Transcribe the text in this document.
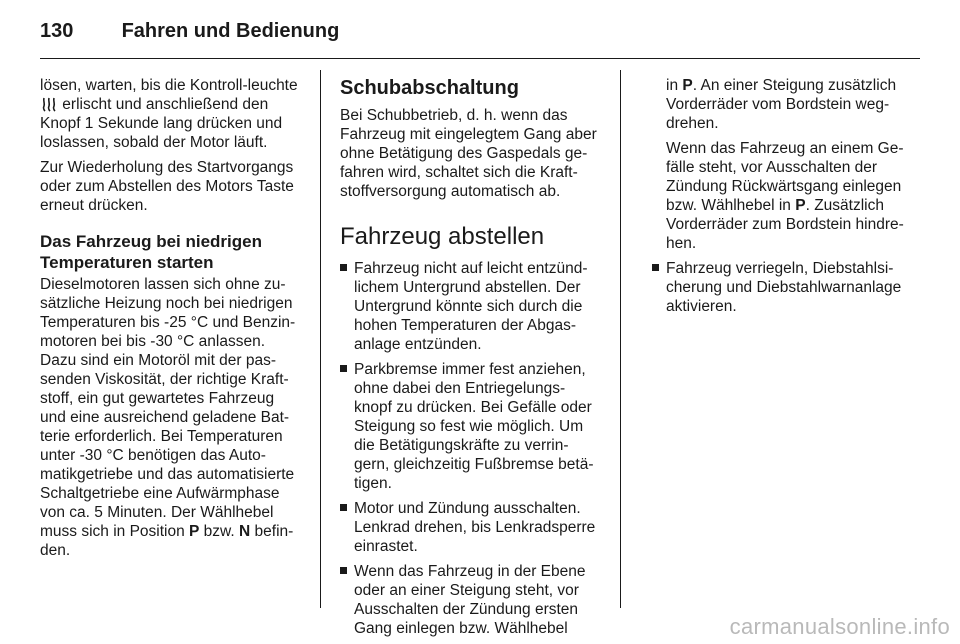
130 Fahren und Bedienung

lösen, warten, bis die Kontroll-leuchte  erlischt und anschließend den Knopf 1 Sekunde lang drücken und loslassen, sobald der Motor läuft.

Zur Wiederholung des Startvorgangs oder zum Abstellen des Motors Taste erneut drücken.

Das Fahrzeug bei niedrigen Temperaturen starten

Dieselmotoren lassen sich ohne zu-sätzliche Heizung noch bei niedrigen Temperaturen bis -25 °C und Benzin-motoren bei bis -30 °C anlassen. Dazu sind ein Motoröl mit der pas-senden Viskosität, der richtige Kraft-stoff, ein gut gewartetes Fahrzeug und eine ausreichend geladene Bat-terie erforderlich. Bei Temperaturen unter -30 °C benötigen das Auto-matikgetriebe und das automatisierte Schaltgetriebe eine Aufwärmphase von ca. 5 Minuten. Der Wählhebel muss sich in Position P bzw. N befin-den.

Schubabschaltung

Bei Schubbetrieb, d. h. wenn das Fahrzeug mit eingelegtem Gang aber ohne Betätigung des Gaspedals ge-fahren wird, schaltet sich die Kraft-stoffversorgung automatisch ab.

Fahrzeug abstellen
Fahrzeug nicht auf leicht entzünd-lichem Untergrund abstellen. Der Untergrund könnte sich durch die hohen Temperaturen der Abgas-anlage entzünden.
Parkbremse immer fest anziehen, ohne dabei den Entriegelungs-knopf zu drücken. Bei Gefälle oder Steigung so fest wie möglich. Um die Betätigungskräfte zu verrin-gern, gleichzeitig Fußbremse betä-tigen.
Motor und Zündung ausschalten. Lenkrad drehen, bis Lenkradsperre einrastet.
Wenn das Fahrzeug in der Ebene oder an einer Steigung steht, vor Ausschalten der Zündung ersten Gang einlegen bzw. Wählhebel

in P. An einer Steigung zusätzlich Vorderräder vom Bordstein weg-drehen.

Wenn das Fahrzeug an einem Ge-fälle steht, vor Ausschalten der Zündung Rückwärtsgang einlegen bzw. Wählhebel in P. Zusätzlich Vorderräder zum Bordstein hindre-hen.

Fahrzeug verriegeln, Diebstahlsi-cherung und Diebstahlwarnanlage aktivieren.
carmanualsonline.info
